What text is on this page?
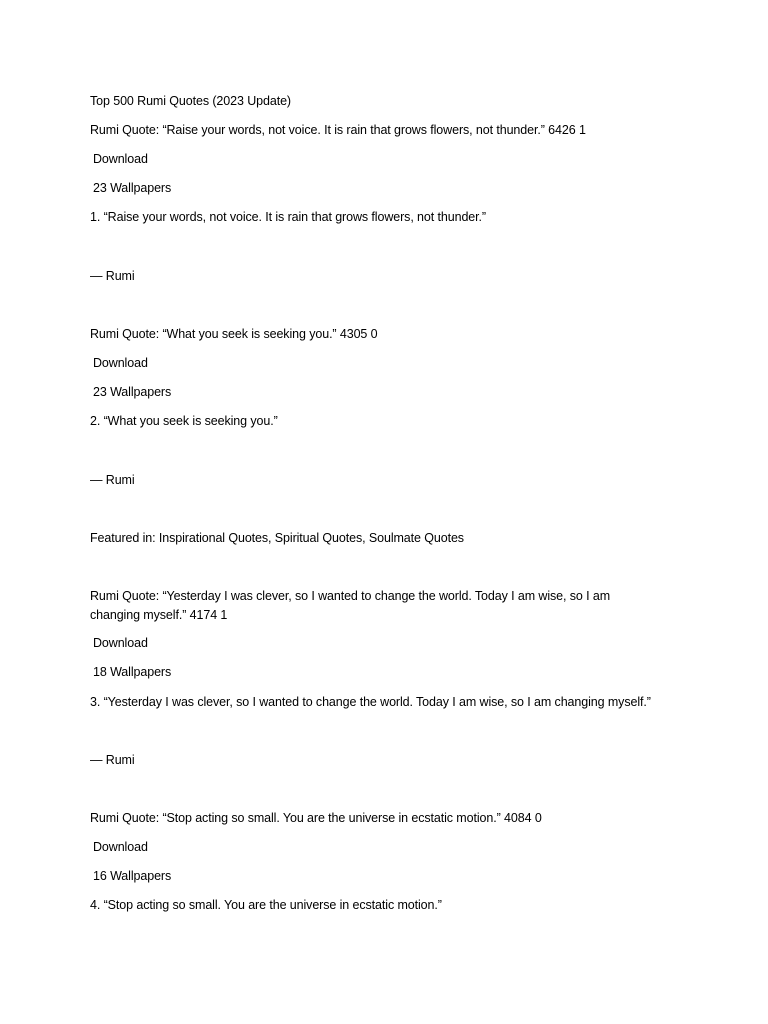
Top 500 Rumi Quotes (2023 Update)
Rumi Quote: “Raise your words, not voice. It is rain that grows flowers, not thunder.” 6426 1
Download
23 Wallpapers
1. “Raise your words, not voice. It is rain that grows flowers, not thunder.”
— Rumi
Rumi Quote: “What you seek is seeking you.” 4305 0
Download
23 Wallpapers
2. “What you seek is seeking you.”
— Rumi
Featured in: Inspirational Quotes, Spiritual Quotes, Soulmate Quotes
Rumi Quote: “Yesterday I was clever, so I wanted to change the world. Today I am wise, so I am changing myself.” 4174 1
Download
18 Wallpapers
3. “Yesterday I was clever, so I wanted to change the world. Today I am wise, so I am changing myself.”
— Rumi
Rumi Quote: “Stop acting so small. You are the universe in ecstatic motion.” 4084 0
Download
16 Wallpapers
4. “Stop acting so small. You are the universe in ecstatic motion.”
